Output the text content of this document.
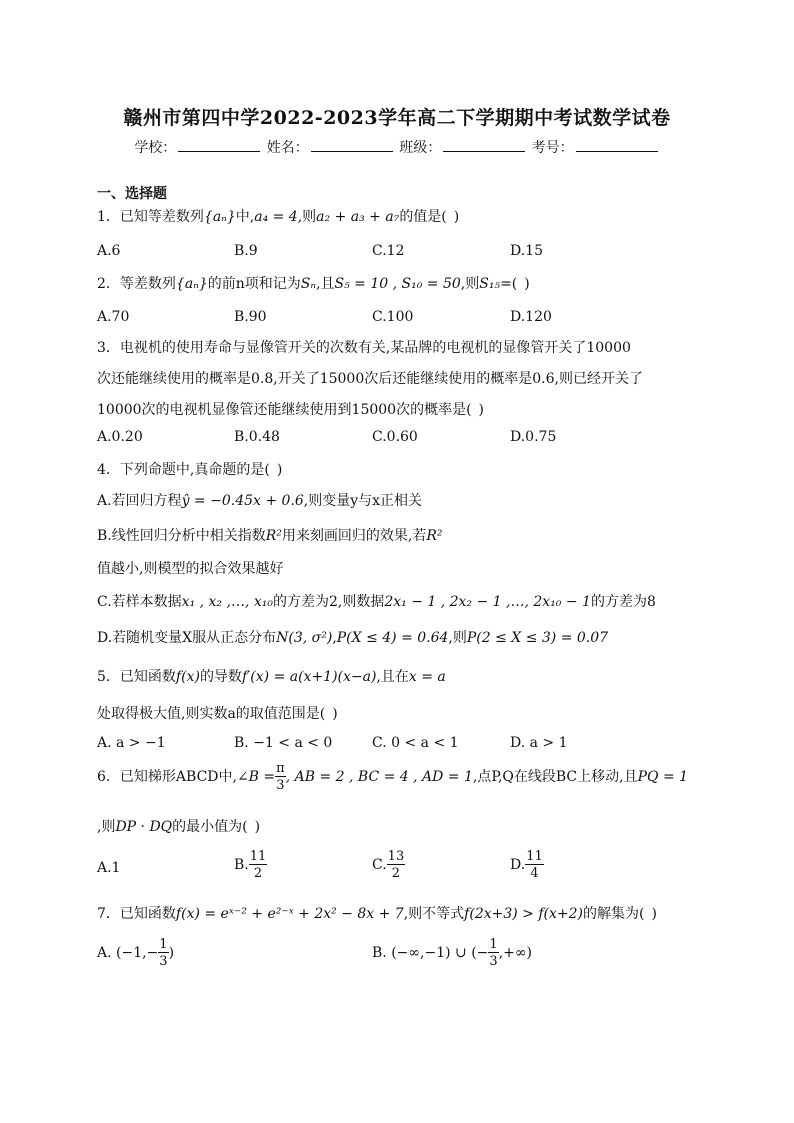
赣州市第四中学2022-2023学年高二下学期期中考试数学试卷
学校：	姓名：	班级：	考号：
一、选择题
1．已知等差数列{aₙ}中,a₄ = 4,则a₂ + a₃ + a₇的值是( )
A.6	B.9	C.12	D.15
2．等差数列{aₙ}的前n项和记为Sₙ,且S₅ = 10 , S₁₀ = 50,则S₁₅=( )
A.70	B.90	C.100	D.120
3．电视机的使用寿命与显像管开关的次数有关,某品牌的电视机的显像管开关了10000
次还能继续使用的概率是0.8,开关了15000次后还能继续使用的概率是0.6,则已经开关了
10000次的电视机显像管还能继续使用到15000次的概率是( )
A.0.20	B.0.48	C.0.60	D.0.75
4．下列命题中,真命题的是( )
A.若回归方程ŷ = −0.45x + 0.6,则变量y与x正相关
B.线性回归分析中相关指数R²用来刻画回归的效果,若R²
值越小,则模型的拟合效果越好
C.若样本数据x₁ , x₂ ,…, x₁₀的方差为2,则数据2x₁ − 1 , 2x₂ − 1 ,…, 2x₁₀ − 1的方差为8
D.若随机变量X服从正态分布N(3, σ²),P(X ≤ 4) = 0.64,则P(2 ≤ X ≤ 3) = 0.07
5．已知函数f(x)的导数f′(x) = a(x+1)(x−a),且在x = a
处取得极大值,则实数a的取值范围是( )
A. a > −1	B. −1 < a < 0	C. 0 < a < 1	D. a > 1
6．已知梯形ABCD中,∠B = $\frac{\pi}{3}$ , AB = 2 , BC = 4 , AD = 1,点P,Q在线段BC上移动,且PQ = 1
,则DP · DQ的最小值为( )
A.1	B. $\frac{11}{2}$	C. $\frac{13}{2}$	D. $\frac{11}{4}$
7．已知函数f(x) = eˣ⁻² + e²⁻ˣ + 2x² − 8x + 7,则不等式f(2x+3) > f(x+2)的解集为( )
A. ($-1,- \frac{1}{3}$ )	B. (−∞,−1) ∪ (− $\frac{1}{3}$ ,+∞)
